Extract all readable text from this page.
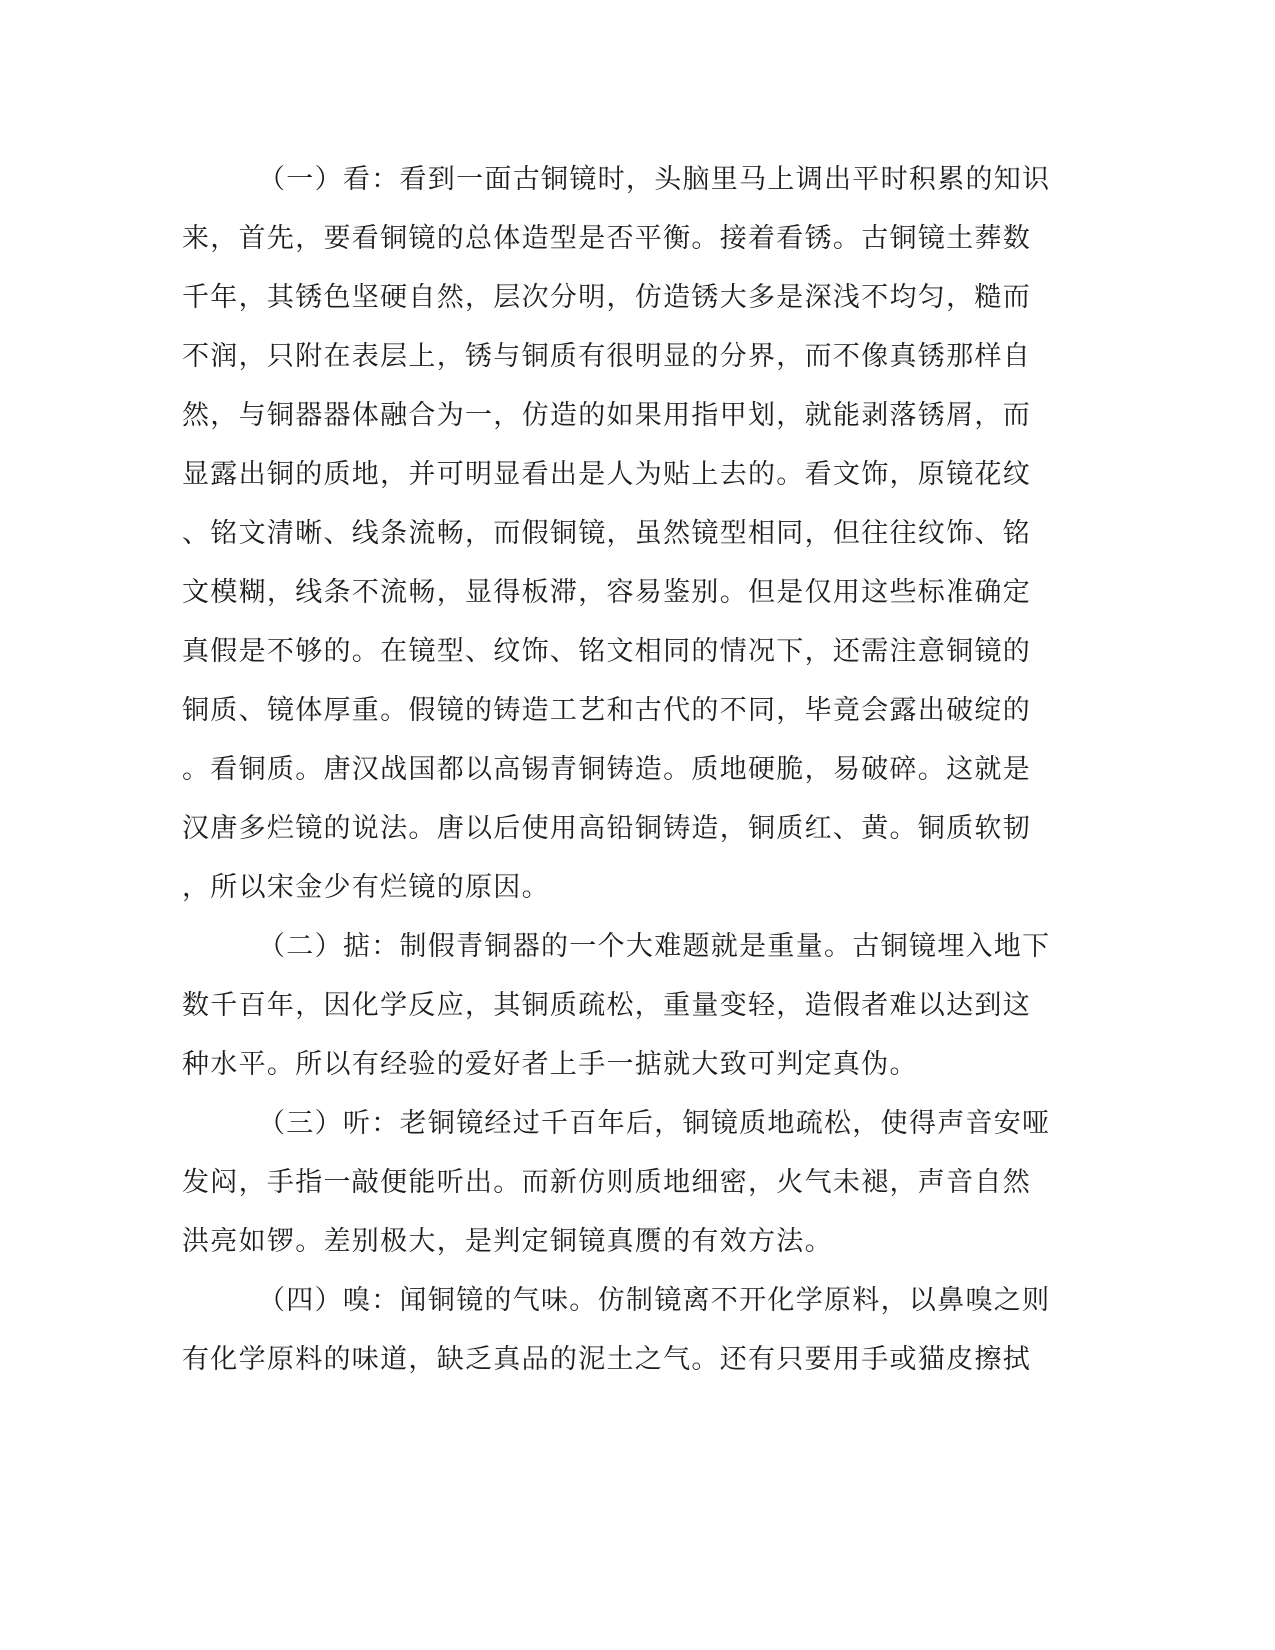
（一）看：看到一面古铜镜时，头脑里马上调出平时积累的知识

来，首先，要看铜镜的总体造型是否平衡。接着看锈。古铜镜土葬数

千年，其锈色坚硬自然，层次分明，仿造锈大多是深浅不均匀，糙而

不润，只附在表层上，锈与铜质有很明显的分界，而不像真锈那样自

然，与铜器器体融合为一，仿造的如果用指甲划，就能剥落锈屑，而

显露出铜的质地，并可明显看出是人为贴上去的。看文饰，原镜花纹

、铭文清晰、线条流畅，而假铜镜，虽然镜型相同，但往往纹饰、铭

文模糊，线条不流畅，显得板滞，容易鉴别。但是仅用这些标准确定

真假是不够的。在镜型、纹饰、铭文相同的情况下，还需注意铜镜的

铜质、镜体厚重。假镜的铸造工艺和古代的不同，毕竟会露出破绽的

。看铜质。唐汉战国都以高锡青铜铸造。质地硬脆，易破碎。这就是

汉唐多烂镜的说法。唐以后使用高铅铜铸造，铜质红、黄。铜质软韧

，所以宋金少有烂镜的原因。

（二）掂：制假青铜器的一个大难题就是重量。古铜镜埋入地下

数千百年，因化学反应，其铜质疏松，重量变轻，造假者难以达到这

种水平。所以有经验的爱好者上手一掂就大致可判定真伪。

（三）听：老铜镜经过千百年后，铜镜质地疏松，使得声音安哑

发闷，手指一敲便能听出。而新仿则质地细密，火气未褪，声音自然

洪亮如锣。差别极大，是判定铜镜真赝的有效方法。

（四）嗅：闻铜镜的气味。仿制镜离不开化学原料，以鼻嗅之则

有化学原料的味道，缺乏真品的泥土之气。还有只要用手或猫皮擦拭
